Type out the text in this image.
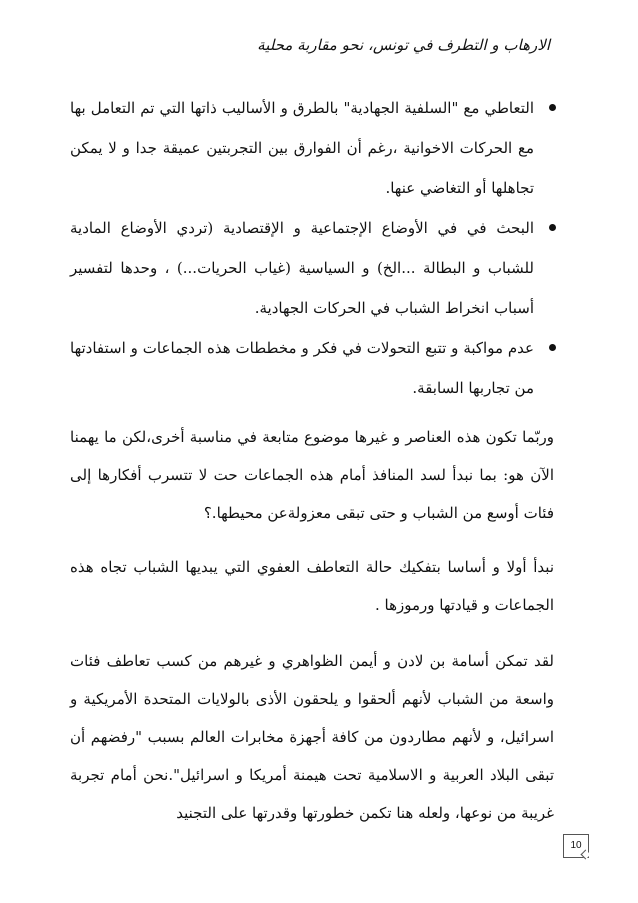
الارهاب و التطرف في تونس، نحو مقاربة محلية
التعاطي مع "السلفية الجهادية" بالطرق و الأساليب ذاتها التي تم التعامل بها مع الحركات الاخوانية ،رغم أن الفوارق بين التجربتين عميقة جدا و لا يمكن تجاهلها أو التغاضي عنها.
البحث في في الأوضاع الإجتماعية و الإقتصادية (تردي الأوضاع المادية للشباب و البطالة ...الخ) و السياسية (غياب الحريات...) ، وحدها لتفسير أسباب انخراط الشباب في الحركات الجهادية.
عدم مواكبة و تتبع التحولات في فكر و مخططات هذه الجماعات و استفادتها من تجاربها السابقة.

وربّما تكون هذه العناصر و غيرها موضوع متابعة في مناسبة أخرى،لكن ما يهمنا الآن هو: بما نبدأ لسد المنافذ أمام هذه الجماعات حت لا تتسرب أفكارها إلى فئات أوسع من الشباب و حتى تبقى معزولةعن محيطها.؟

نبدأ أولا و أساسا بتفكيك حالة التعاطف العفوي التي يبديها الشباب تجاه هذه الجماعات و قيادتها ورموزها .

لقد تمكن أسامة بن لادن و أيمن الظواهري و غيرهم من كسب تعاطف فئات واسعة من الشباب لأنهم ألحقوا و يلحقون الأذى بالولايات المتحدة الأمريكية و اسرائيل، و لأنهم مطاردون من كافة أجهزة مخابرات العالم بسبب "رفضهم أن تبقى البلاد العربية و الاسلامية تحت هيمنة أمريكا و اسرائيل".نحن أمام تجربة غريبة من نوعها، ولعله هنا تكمن خطورتها وقدرتها على التجنيد

10
